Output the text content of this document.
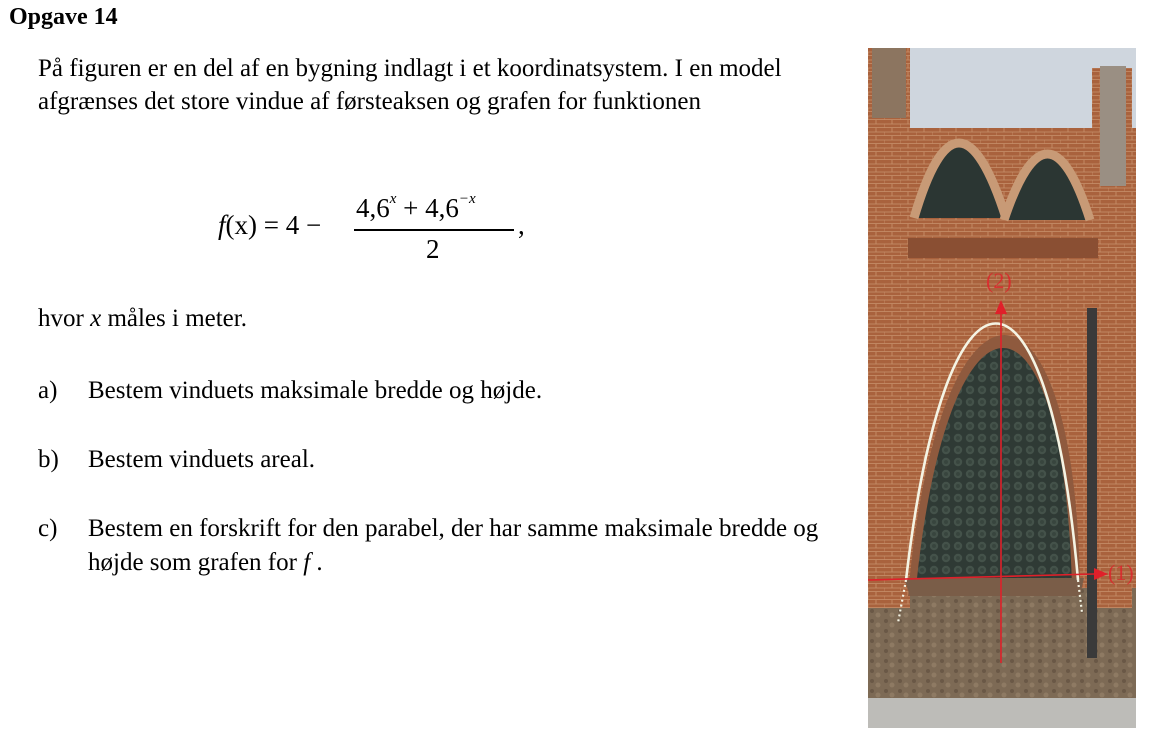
Opgave 14
På figuren er en del af en bygning indlagt i et koordinatsystem. I en model afgrænses det store vindue af førsteaksen og grafen for funktionen
f(x) = 4 −
$4,6^x + 4,6^{-x}$
2
,
hvor x måles i meter.
a) Bestem vinduets maksimale bredde og højde.
b) Bestem vinduets areal.
c) Bestem en forskrift for den parabel, der har samme maksimale bredde og højde som grafen for f .
(2)
(1)
